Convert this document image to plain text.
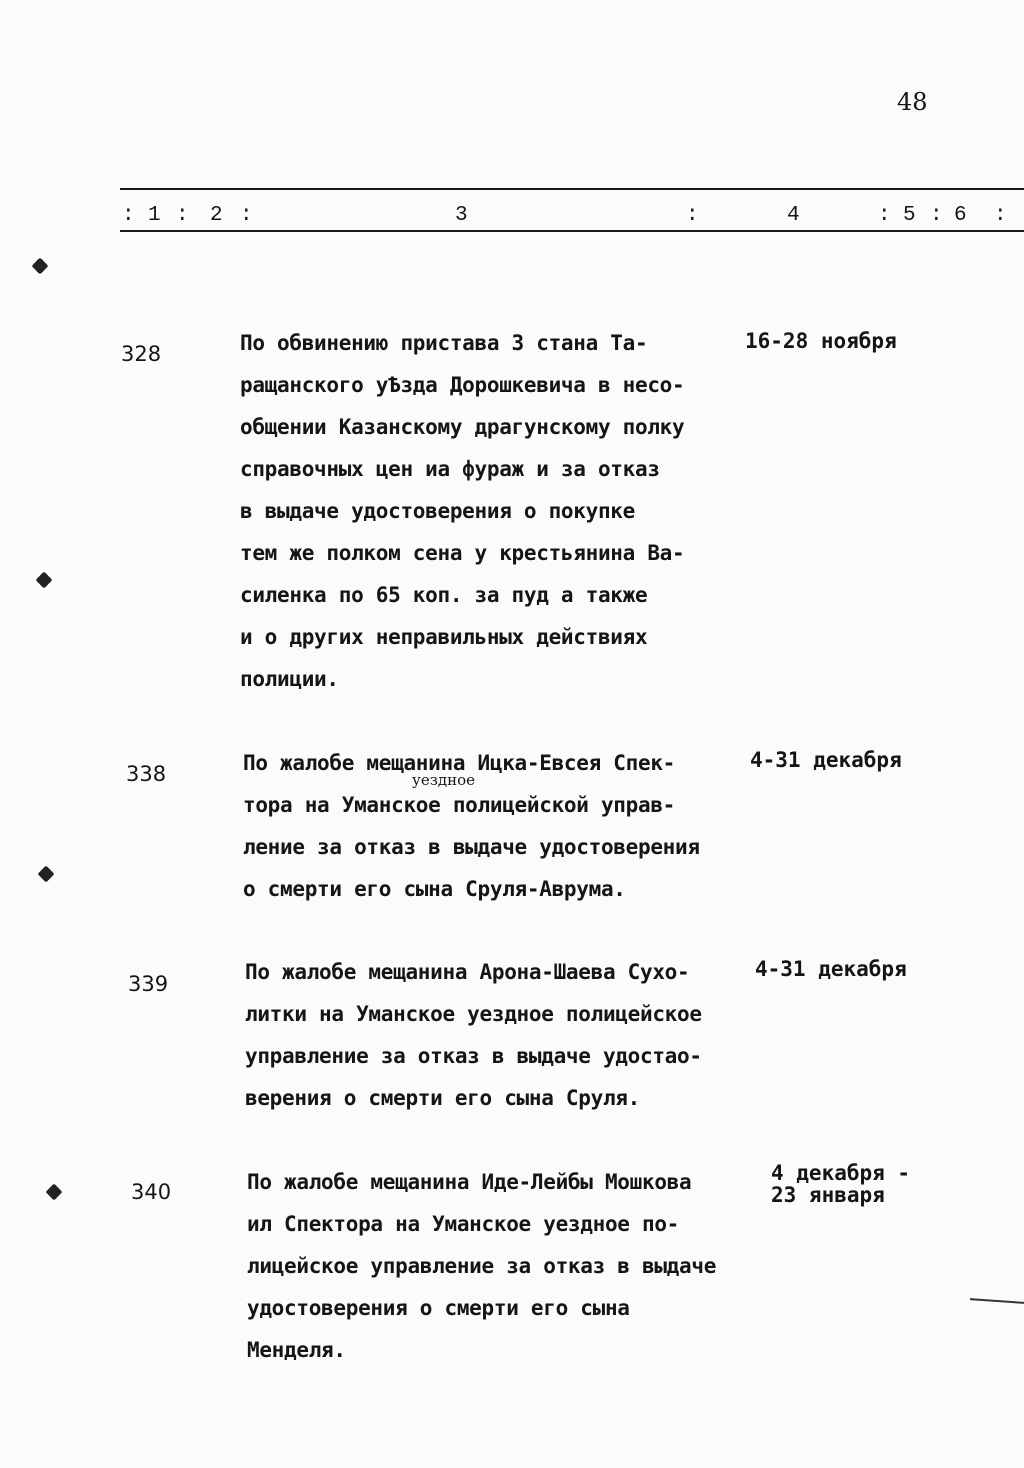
48
: 1 : 2 :	3	:	4	: 5 : 6 :
328	По обвинению пристава 3 стана Та-
ращанского уѢзда Дорошкевича в несо-
общении Казанскому драгунскому полку
справочных цен иа фураж и за отказ
в выдаче удостоверения о покупке
тем же полком сена у крестьянина Ва-
силенка по 65 коп. за пуд а также
и о других неправильных действиях
полиции.
16-28 ноября
338	уездное
По жалобе мещанина Ицка-Евсея Спек-
тора на Уманское полицейской управ-
ление за отказ в выдаче удостоверения
о смерти его сына Сруля-Аврума.
4-31 декабря
339	По жалобе мещанина Арона-Шаева Сухо-
литки на Уманское уездное полицейское
управление за отказ в выдаче удостао-
верения о смерти его сына Сруля.
4-31 декабря
340	По жалобе мещанина Иде-Лейбы Мошкова
ил Спектора на Уманское уездное по-
лицейское управление за отказ в выдаче
удостоверения о смерти его сына
Менделя.
4 декабря -
23 января
